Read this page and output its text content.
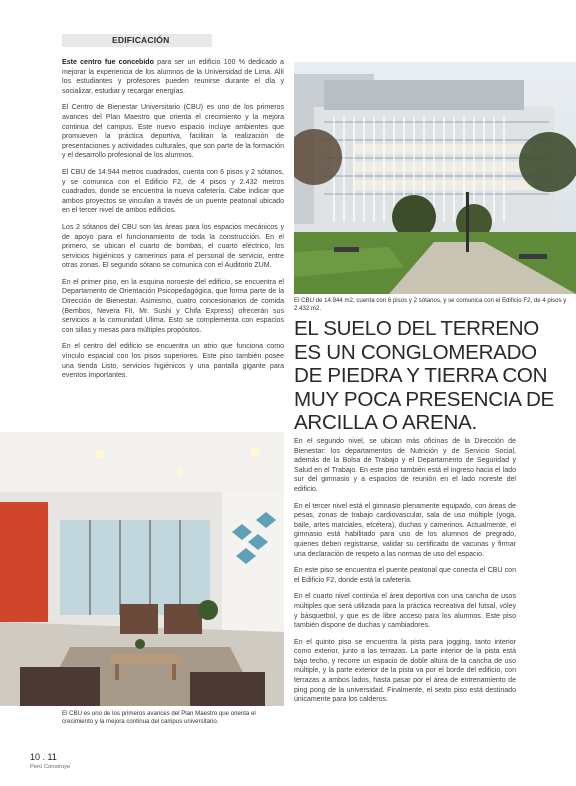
EDIFICACIÓN

Este centro fue concebido para ser un edificio 100 % dedicado a mejorar la experiencia de los alumnos de la Universidad de Lima. Allí los estudiantes y profesores pueden reunirse durante el día y socializar, estudiar y recargar energías.

El Centro de Bienestar Universitario (CBU) es uno de los primeros avances del Plan Maestro que orienta el crecimiento y la mejora continua del campus. Este nuevo espacio incluye ambientes que promueven la práctica deportiva, facilitan la realización de presentaciones y actividades culturales, que son parte de la formación y el desarrollo profesional de los alumnos.

El CBU de 14.944 metros cuadrados, cuenta con 6 pisos y 2 sótanos, y se comunica con el Edificio F2, de 4 pisos y 2.432 metros cuadrados, donde se encuentra la nueva cafetería. Cabe indicar que ambos proyectos se vinculan a través de un puente peatonal ubicado en el tercer nivel de ambos edificios.

Los 2 sótanos del CBU son las áreas para los espacios mecánicos y de apoyo para el funcionamiento de toda la construcción. En el primero, se ubican el cuarto de bombas, el cuarto eléctrico, los servicios higiénicos y camerinos para el personal de servicio, entre otras zonas. El segundo sótano se comunica con el Auditorio ZUM.

En el primer piso, en la esquina noroeste del edificio, se encuentra el Departamento de Orientación Psicopedagógica, que forma parte de la Dirección de Bienestar. Asimismo, cuatro concesionarios de comida (Bembos, Nevera Fit, Mr. Sushi y Chifa Express) ofrecerán sus servicios a la comunidad Ulima. Esto se complementa con espacios con sillas y mesas para múltiples propósitos.

En el centro del edificio se encuentra un atrio que funciona como vínculo espacial con los pisos superiores. Este piso también posee una tienda Listo, servicios higiénicos y una pantalla gigante para eventos importantes.

El CBU de 14.944 m2, cuenta con 6 pisos y 2 sótanos, y se comunica con el Edificio F2, de 4 pisos y 2.432 m2.
EL SUELO DEL TERRENO ES UN CONGLOMERADO DE PIEDRA Y TIERRA CON MUY POCA PRESENCIA DE ARCILLA O ARENA.
El CBU es uno de los primeros avances del Plan Maestro que orienta el crecimiento y la mejora continua del campus universitario.

En el segundo nivel, se ubican más oficinas de la Dirección de Bienestar: los departamentos de Nutrición y de Servicio Social, además de la Bolsa de Trabajo y el Departamento de Seguridad y Salud en el Trabajo. En este piso también está el ingreso hacia el lado sur del gimnasio y a espacios de reunión en el lado noreste del edificio.

En el tercer nivel está el gimnasio plenamente equipado, con áreas de pesas, zonas de trabajo cardiovascular, sala de uso múltiple (yoga, baile, artes marciales, etcétera), duchas y camerinos. Actualmente, el gimnasio está habilitado para uso de los alumnos de pregrado, quienes deben registrarse, validar su certificado de vacunas y firmar una declaración de respeto a las normas de uso del espacio.

En este piso se encuentra el puente peatonal que conecta el CBU con el Edificio F2, donde está la cafetería.

En el cuarto nivel continúa el área deportiva con una cancha de usos múltiples que será utilizada para la práctica recreativa del futsal, vóley y básquetbol, y que es de libre acceso para los alumnos. Este piso también dispone de duchas y cambiadores.

En el quinto piso se encuentra la pista para jogging, tanto interior como exterior, junto a las terrazas. La parte interior de la pista está bajo techo, y recorre un espacio de doble altura de la cancha de uso múltiple, y la parte exterior de la pista va por el borde del edificio, con terrazas a ambos lados, hasta pasar por el área de entrenamiento de ping pong de la universidad. Finalmente, el sexto piso está destinado únicamente para los calderos.

10 . 11
Perú Construye
